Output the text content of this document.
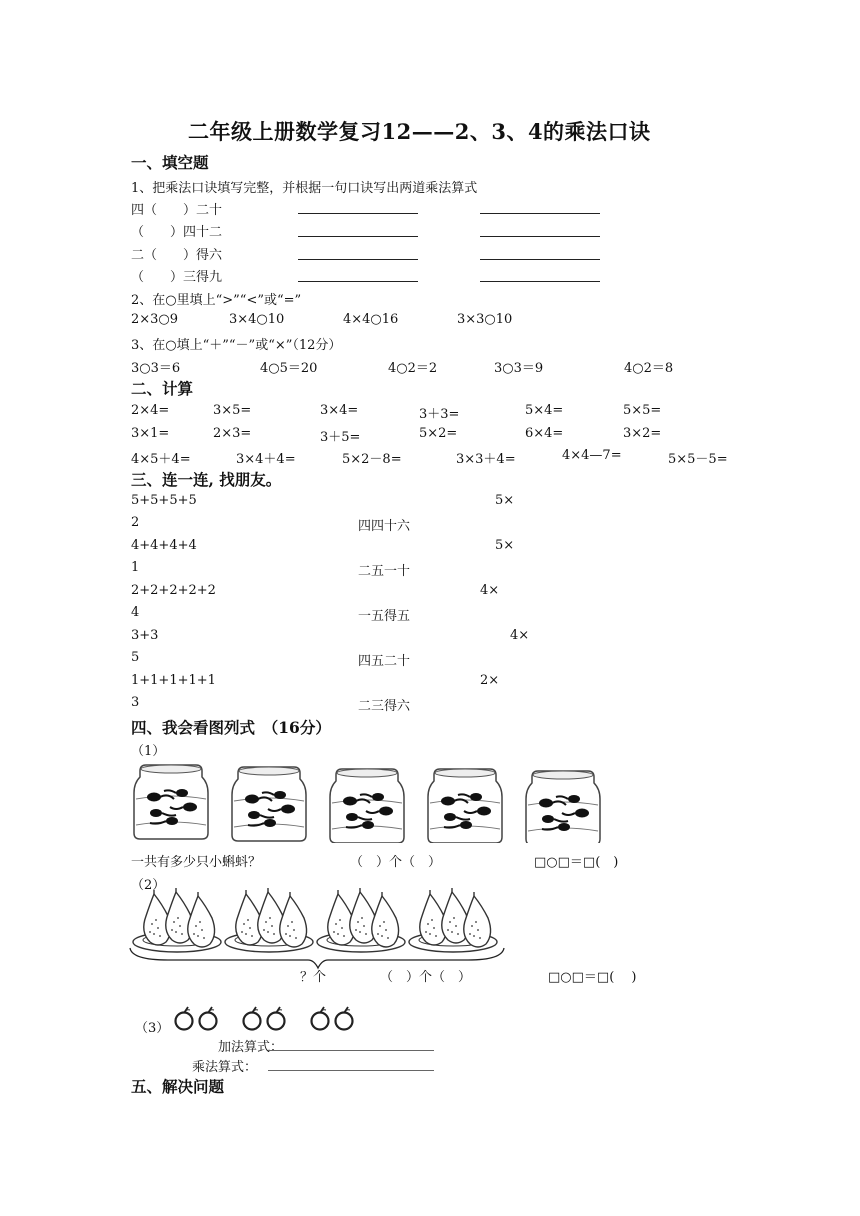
二年级上册数学复习12——2、3、4的乘法口诀
一、填空题
1、把乘法口诀填写完整，并根据一句口诀写出两道乘法算式
四（　　）二十
（　　）四十二
二（　　）得六
（　　）三得九
2、在○里填上“>”“<”或“=”
2×3○9	3×4○10	4×4○16	3×3○10
3、在○填上“＋”“－”或“×”（12分）
3○3＝6	4○5＝20	4○2＝2	3○3＝9	4○2＝8
二、计算
2×4=	3×5=	3×4=	3＋3=	5×4=	5×5=
3×1=	2×3=	3＋5=	5×2=	6×4=	3×2=
4×5＋4=	3×4＋4=	5×2－8=	3×3＋4=	4×4—7=	5×5－5=
三、连一连, 找朋友。
5+5+5+5	5×
2	四四十六
4+4+4+4	5×
1	二五一十
2+2+2+2+2	4×
4	一五得五
3+3	4×
5	四五二十
1+1+1+1+1	2×
3	二三得六
四、我会看图列式　（16分）
（1）
一共有多少只小蝌蚪？	（　）个（　）	□○□＝□(　)
（2）
？个	（　）个（　）	□○□＝□(　 )
（3）
加法算式：
乘法算式：
五、解决问题
